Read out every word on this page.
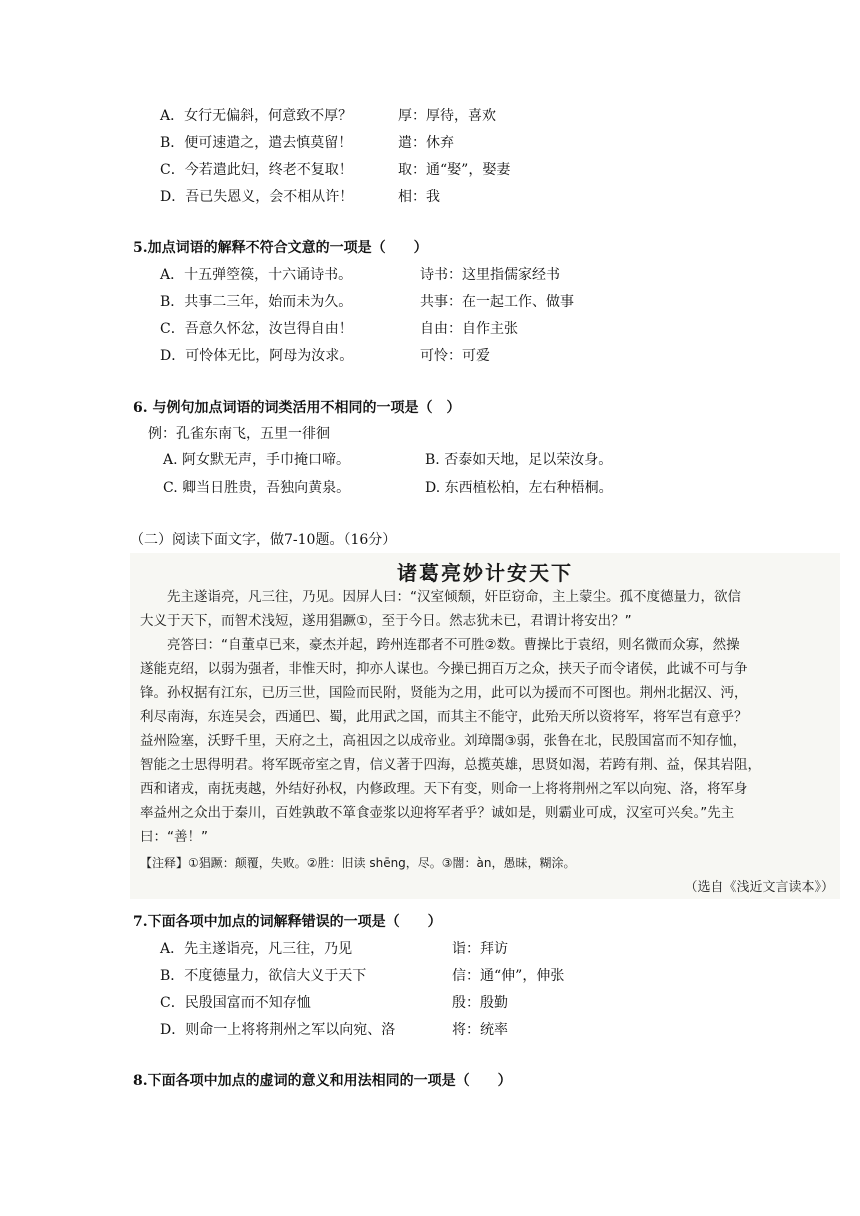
A．女行无偏斜，何意致不厚？	厚：厚待，喜欢
B．便可速遣之，遣去慎莫留！	遣：休弃
C．今若遣此妇，终老不复取！	取：通“娶”，娶妻
D．吾已失恩义，会不相从许！	相：我
5.加点词语的解释不符合文意的一项是（　　）
A．十五弹箜篌，十六诵诗书。	诗书：这里指儒家经书
B．共事二三年，始而未为久。	共事：在一起工作、做事
C．吾意久怀忿，汝岂得自由！	自由：自作主张
D．可怜体无比，阿母为汝求。	可怜：可爱
6. 与例句加点词语的词类活用不相同的一项是（　）
例：孔雀东南飞，五里一徘徊
A. 阿女默无声，手巾掩口啼。	B. 否泰如天地，足以荣汝身。
C. 卿当日胜贵，吾独向黄泉。	D. 东西植松柏，左右种梧桐。
（二）阅读下面文字，做7-10题。（16分）
诸葛亮妙计安天下
　　先主遂诣亮，凡三往，乃见。因屏人曰：“汉室倾颓，奸臣窃命，主上蒙尘。孤不度德量力，欲信
大义于天下，而智术浅短，遂用猖蹶①，至于今日。然志犹未已，君谓计将安出？”
　　亮答曰：“自董卓已来，豪杰并起，跨州连郡者不可胜②数。曹操比于袁绍，则名微而众寡，然操
遂能克绍，以弱为强者，非惟天时，抑亦人谋也。今操已拥百万之众，挟天子而令诸侯，此诚不可与争
锋。孙权据有江东，已历三世，国险而民附，贤能为之用，此可以为援而不可图也。荆州北据汉、沔，
利尽南海，东连吴会，西通巴、蜀，此用武之国，而其主不能守，此殆天所以资将军，将军岂有意乎？
益州险塞，沃野千里，天府之土，高祖因之以成帝业。刘璋闇③弱，张鲁在北，民殷国富而不知存恤，
智能之士思得明君。将军既帝室之胄，信义著于四海，总揽英雄，思贤如渴，若跨有荆、益，保其岩阻，
西和诸戎，南抚夷越，外结好孙权，内修政理。天下有变，则命一上将将荆州之军以向宛、洛，将军身
率益州之众出于秦川，百姓孰敢不箪食壶浆以迎将军者乎？诚如是，则霸业可成，汉室可兴矣。”先主
曰：“善！”
【注释】①猖蹶：颠覆，失败。②胜：旧读 shēng，尽。③闇：àn，愚昧，糊涂。
（选自《浅近文言读本》）
7.下面各项中加点的词解释错误的一项是（　　）
A．先主遂诣亮，凡三往，乃见	诣：拜访
B．不度德量力，欲信大义于天下	信：通“伸”，伸张
C．民殷国富而不知存恤	殷：殷勤
D．则命一上将将荆州之军以向宛、洛	将：统率
8.下面各项中加点的虚词的意义和用法相同的一项是（　　）
